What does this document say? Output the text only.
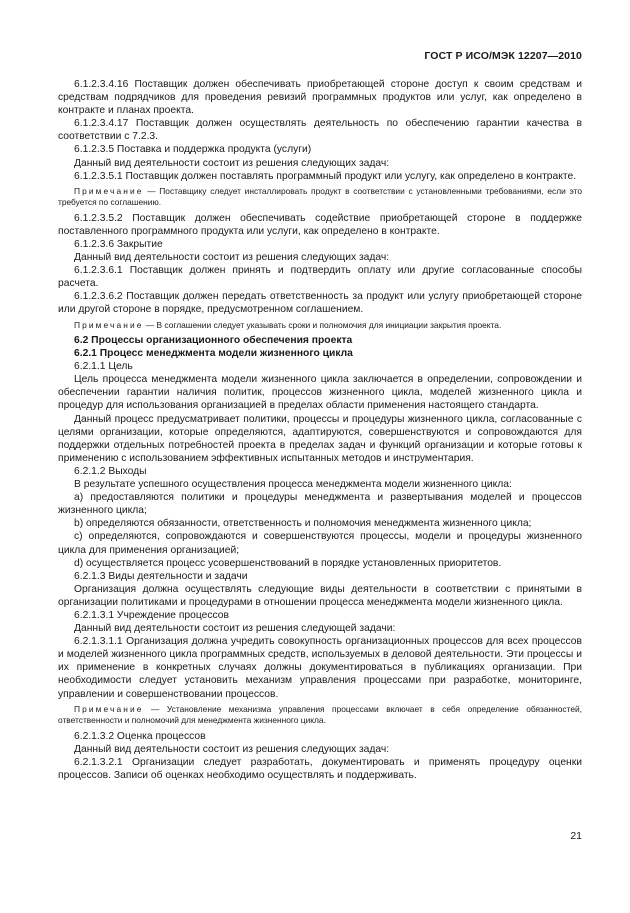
ГОСТ Р ИСО/МЭК 12207—2010

6.1.2.3.4.16 Поставщик должен обеспечивать приобретающей стороне доступ к своим средствам и средствам подрядчиков для проведения ревизий программных продуктов или услуг, как определено в контракте и планах проекта.

6.1.2.3.4.17 Поставщик должен осуществлять деятельность по обеспечению гарантии качества в соответствии с 7.2.3.

6.1.2.3.5 Поставка и поддержка продукта (услуги)

Данный вид деятельности состоит из решения следующих задач:

6.1.2.3.5.1 Поставщик должен поставлять программный продукт или услугу, как определено в контракте.

Примечание — Поставщику следует инсталлировать продукт в соответствии с установленными требованиями, если это требуется по соглашению.

6.1.2.3.5.2 Поставщик должен обеспечивать содействие приобретающей стороне в поддержке поставленного программного продукта или услуги, как определено в контракте.

6.1.2.3.6 Закрытие

Данный вид деятельности состоит из решения следующих задач:

6.1.2.3.6.1 Поставщик должен принять и подтвердить оплату или другие согласованные способы расчета.

6.1.2.3.6.2 Поставщик должен передать ответственность за продукт или услугу приобретающей стороне или другой стороне в порядке, предусмотренном соглашением.

Примечание — В соглашении следует указывать сроки и полномочия для инициации закрытия проекта.

6.2 Процессы организационного обеспечения проекта

6.2.1 Процесс менеджмента модели жизненного цикла

6.2.1.1 Цель

Цель процесса менеджмента модели жизненного цикла заключается в определении, сопровождении и обеспечении гарантии наличия политик, процессов жизненного цикла, моделей жизненного цикла и процедур для использования организацией в пределах области применения настоящего стандарта.

Данный процесс предусматривает политики, процессы и процедуры жизненного цикла, согласованные с целями организации, которые определяются, адаптируются, совершенствуются и сопровождаются для поддержки отдельных потребностей проекта в пределах задач и функций организации и которые готовы к применению с использованием эффективных испытанных методов и инструментария.

6.2.1.2 Выходы

В результате успешного осуществления процесса менеджмента модели жизненного цикла:

a) предоставляются политики и процедуры менеджмента и развертывания моделей и процессов жизненного цикла;

b) определяются обязанности, ответственность и полномочия менеджмента жизненного цикла;

c) определяются, сопровождаются и совершенствуются процессы, модели и процедуры жизненного цикла для применения организацией;

d) осуществляется процесс усовершенствований в порядке установленных приоритетов.

6.2.1.3 Виды деятельности и задачи

Организация должна осуществлять следующие виды деятельности в соответствии с принятыми в организации политиками и процедурами в отношении процесса менеджмента модели жизненного цикла.

6.2.1.3.1 Учреждение процессов

Данный вид деятельности состоит из решения следующей задачи:

6.2.1.3.1.1 Организация должна учредить совокупность организационных процессов для всех процессов и моделей жизненного цикла программных средств, используемых в деловой деятельности. Эти процессы и их применение в конкретных случаях должны документироваться в публикациях организации. При необходимости следует установить механизм управления процессами при разработке, мониторинге, управлении и совершенствовании процессов.

Примечание — Установление механизма управления процессами включает в себя определение обязанностей, ответственности и полномочий для менеджмента жизненного цикла.

6.2.1.3.2 Оценка процессов

Данный вид деятельности состоит из решения следующих задач:

6.2.1.3.2.1 Организации следует разработать, документировать и применять процедуру оценки процессов. Записи об оценках необходимо осуществлять и поддерживать.

21
